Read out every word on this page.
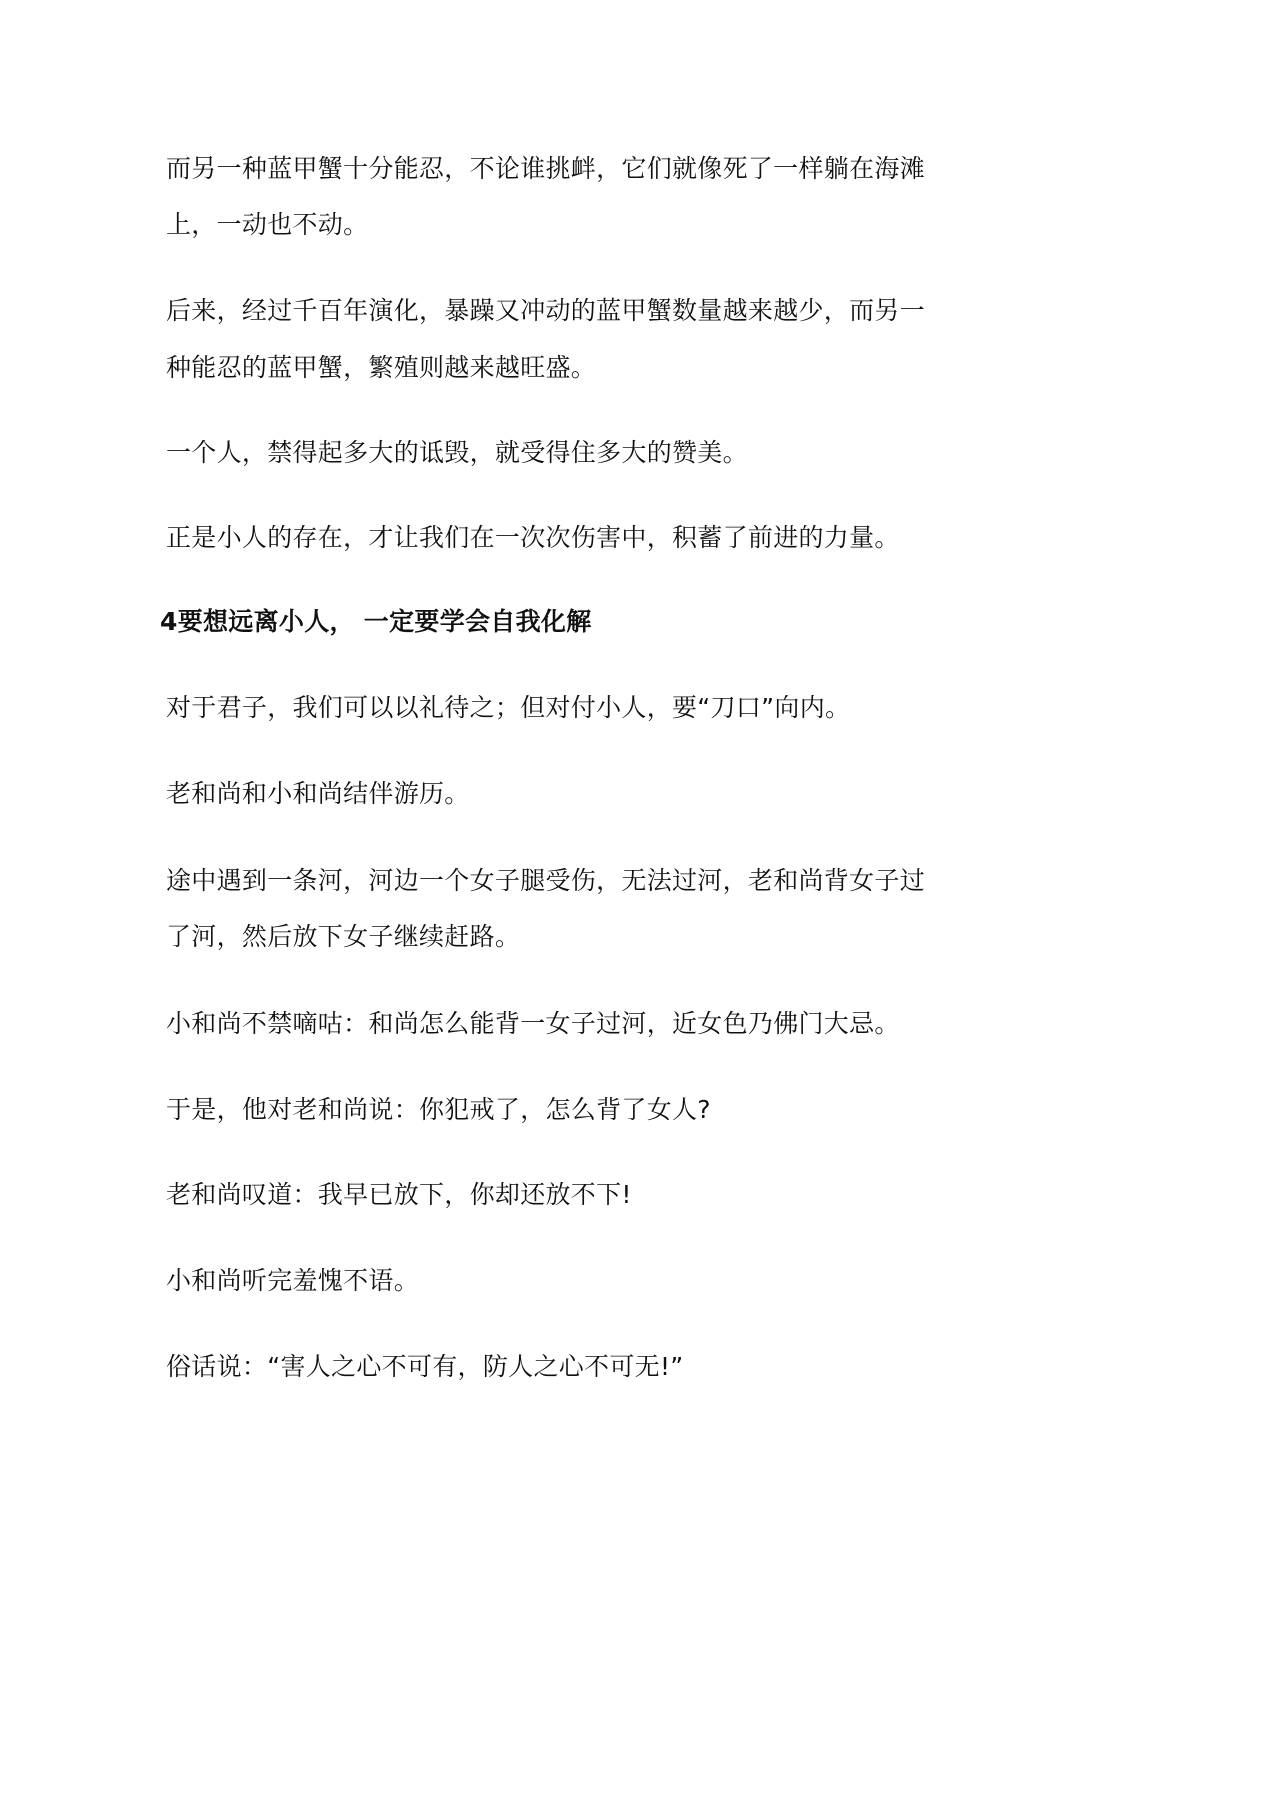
而另一种蓝甲蟹十分能忍，不论谁挑衅，它们就像死了一样躺在海滩

上，一动也不动。

后来，经过千百年演化，暴躁又冲动的蓝甲蟹数量越来越少，而另一

种能忍的蓝甲蟹，繁殖则越来越旺盛。

一个人，禁得起多大的诋毁，就受得住多大的赞美。

正是小人的存在，才让我们在一次次伤害中，积蓄了前进的力量。

4要想远离小人， 一定要学会自我化解

对于君子，我们可以以礼待之；但对付小人，要“刀口”向内。

老和尚和小和尚结伴游历。

途中遇到一条河，河边一个女子腿受伤，无法过河，老和尚背女子过

了河，然后放下女子继续赶路。

小和尚不禁嘀咕：和尚怎么能背一女子过河，近女色乃佛门大忌。

于是，他对老和尚说：你犯戒了，怎么背了女人?

老和尚叹道：我早已放下，你却还放不下!

小和尚听完羞愧不语。

俗话说：“害人之心不可有，防人之心不可无!”
